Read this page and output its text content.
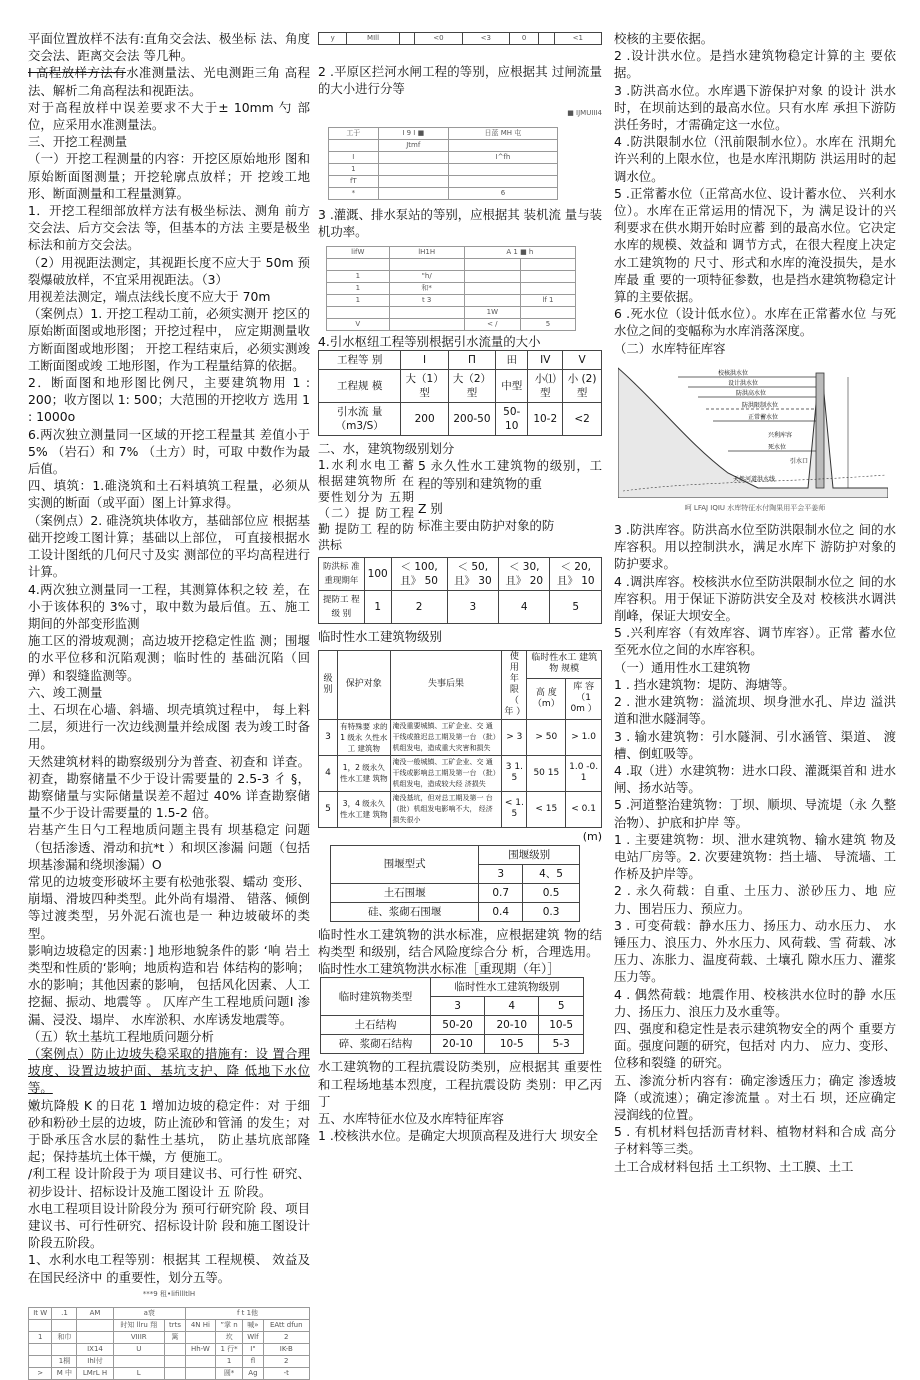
平面位置放样不法有:直角交会法、极坐标 法、角度交会法、距离交会法 等几种。

I 高程放样方法有水准测量法、光电测距三角 高程法、解析二角高程法和视距法。

对于高程放样中误差要求不大于± 10mm 勺 部位，应采用水准测量法。

三、开挖工程测量

（一）开挖工程测量的内容：开挖区原始地形 图和原始断面图测量；开挖轮廓点放样；开 挖竣工地形、断面测量和工程量测算。

1．开挖工程细部放样方法有极坐标法、测角 前方交会法、后方交会法 等，但基本的方法 主要是极坐标法和前方交会法。

（2）用视距法测定，其视距长度不应大于 50m 预裂爆破放样，不宜采用视距法。（3）

用视差法测定，端点法线长度不应大于 70m

（案例点）1. 开挖工程动工前，必须实测开 挖区的原始断面图或地形图；开挖过程中， 应定期测量收方断面图或地形图； 开挖工程结束后，必须实测竣工断面图或竣 工地形图，作为工程量结算的依据。

2．断面图和地形图比例尺，主要建筑物用 1 : 200；收方图以 1: 500；大范围的开挖收方 选用 1 : 1000o

6.两次独立测量同一区域的开挖工程量其 差值小于 5% （岩石）和 7% （土方）时，可取 中数作为最后值。

四、填筑：1.碓浇筑和土石料填筑工程量，必须从实测的断面（或平面）图上计算求得。

（案例点）2. 碓浇筑块体收方，基础部位应 根据基础开挖竣工图计算；基础以上部位， 可直接根据水工设计图纸的几何尺寸及实 测部位的平均高程进行计算。

4.两次独立测量同一工程，其测算体积之较 差，在小于该体积的 3%寸，取中数为最后值。五、施工期间的外部变形监测

施工区的滑坡观测；高边坡开挖稳定性监 测；围堰的水平位移和沉陷观测；临时性的 基础沉陷（回弹）和裂缝监测等。

六、竣工测量

土、石坝在心墙、斜墙、坝壳填筑过程中， 每上料二层，须进行一次边线测量并绘成图 表为竣工时备用。

天然建筑材料的勘察级别分为普查、初查和 详查。初查，勘察储量不少于设计需要量的 2.5-3 彳 §，勘察储量与实际储量误差不超过 40% 详查勘察储量不少于设计需要量的 1.5-2 倍。

岩基产生日勺工程地质问题主畏有 坝基稳定 问题（包括渗透、滑动和抗*t ）和坝区渗漏 问题（包括坝基渗漏和绕坝渗漏）O

常见的边坡变形破坏主要有松弛张裂、蠕动 变形、崩塌、滑坡四种类型。此外尚有塌滑、 错落、倾倒等过渡类型，另外泥石流也是一 种边坡破坏的类型。

影响边坡稳定的因素：] 地形地貌条件的影 ‘响 岩土类型和性质的‘影响；地质构造和岩 体结构的影响；水的影响；其他因素的影响， 包括风化因素、人工挖掘、振动、地震等 。 仄库产生工程地质问题I 渗漏、浸没、塌岸、 水库淤积、水库诱发地震等。

（五）软土基坑工程地质问题分析

（案例点）防止边坡失稳采取的措施有：设 置合理坡度、设置边坡护面、基坑支护、降 低地下水位等。

嫩坑降般 K 的日花 1 增加边坡的稳定件：对 于细砂和粉砂土层的边坡，防止流砂和管涌 的发生；对于卧承压含水层的黏性土基坑， 防止基坑底部隆起；保持基坑土体干燥，方 便施工。

/利工程 设计阶段于为 项目建议书、可行性 研究、初步设计、招标设计及施工图设计 五 阶段。

水电工程项目设计阶段分为 预可行研究阶 段、项目建议书、可行性研究、招标设计阶 段和施工图设计阶段五阶段。

1、水利水电工程等别：根据其 工程规模、 效益及在国民经济中 的重要性，划分五等。

***9 租•lifillltlH
It W	.1	AM	a衰		f t 1他			
			时知 llru 翔	trts	4N Hi	”掌 n	喊»	EAtt dfun
1	和巾		VIIIR	篱		坎	Wlf	2
		IX14	U		Hh-W	1 行*	I"	IK-B
	1桐	Ihl付				1	fl	2
>	M 中	LMrL H	L			圆*	Ag	-t
y	MIll		<0	<3	0		<1

2 .平原区拦河水闸工程的等别，应根据其 过闸流量的大小进行分等

■ IJMUIII4
工于	I 9 I ■	日蓝 MH 屯
	Jtmf	
I		I^fh
1		
fT		
*		6

3 .灌溉、排水泵站的等别，应根据其 装机流 量与装机功率。

lifW	lH1H	A 1 ■ h	

1	"h/		
1	和*		
1	t 3		lf 1
		1W	
V		< /	5

4.引水枢纽工程等别根据引水流量的大小

工程等 别	I	П	田	IV	V
工程规 模	大（1）型	大（2）型	中型	小⑴ 型	小 (2) 型
引水流 量（m3/S）	200	200-50	50-10	10-2	<2

二、水，建筑物级别划分

1.水利水电工蓄 根据建筑物所 在 要性划分为 五期 （二）提 防工程勤 提防工 程的防 洪标

5 永久性水工建筑物的级别，工程的等别和建筑物的重

Z 别

标准主要由防护对象的防

防洪标 准 重现期年	100	＜ 100, 且》 50	＜ 50, 且》 30	＜ 30, 且》 20	＜ 20, 且》 10
提防工 程级 别	1	2	3	4	5

临时性水工建筑物级别

级 别	保护对象	失事后果	使 用 年 限 （ 年 ）	临时性水工 建筑物 规模	
				高 度 （m）	库 容 （1 0m ）
3	有特殊要 求的 1 级永 久性水工 建筑物	淹没重要城镇、工矿企业、交 通干线或推迟总工期及第一台 （批）机组发电，造成重大灾害和损失	> 3	> 50	> 1.0
4	1，2 级永久 性水工建 筑物	淹没一般城镇、工矿企业、交 通干线或影响总工期及第一台 （批）机组发电，造成较大经 济损失	3 1. 5	50 15	1.0 -0. 1
5	3，4 级永久 性水工建 筑物	淹没基坑，但对总工期及第一 台（批）机组发电影响不大， 经济损失很小	< 1. 5	< 15	< 0.1
(m)
围堰型式	围堰级别	
	3	4、5
土石围堰	0.7	0.5
硅、浆砌石围堰	0.4	0.3

临时性水工建筑物的洪水标准，应根据建筑 物的结构类型 和级别，结合风险度综合分 析，合理选用。

临时性水工建筑物洪水标准［重现期（年）］

临时建筑物类型	临时性水工建筑物级别		
	3	4	5
土石结构	50-20	20-10	10-5
碎、浆砌石结构	20-10	10-5	5-3

水工建筑物的工程抗震设防类别，应根据其 重要性和工程场地基本烈度，工程抗震设防 类别：甲乙丙丁

五、水库特征水位及水库特征库容

1 .校核洪水位。是确定大坝顶高程及进行大 坝安全

校核的主要依据。

2 .设计洪水位。是挡水建筑物稳定计算的主 要依据。

3 .防洪高水位。水库遇下游保护对象 的设计 洪水时，在坝前达到的最高水位。只有水库 承担下游防洪任务时，才需确定这一水位。

4 .防洪限制水位（汛前限制水位）。水库在 汛期允许兴利的上限水位，也是水库汛期防 洪运用时的起调水位。

5 .正常蓄水位（正常高水位、设计蓄水位、 兴利水位）。水库在正常运用的情况下，为 满足设计的兴利要求在供水期开始时应蓄 到的最高水位。它决定水库的规模、效益和 调节方式，在很大程度上决定水工建筑物的 尺寸、形式和水库的淹没损失，是水库最 重 要的一项特征参数，也是挡水建筑物稳定计 算的主要依据。

6 .死水位（设计低水位）。水库在正常蓄水位 与死水位之间的变幅称为水库消落深度。

（二）水库特征库容

校核洪水位
设计洪水位
防洪高水位
防洪限制水位
正常蓄水位
兴利库容
死水位
引水口
天然河道洪水线
呵 LFAJ IQIU 水库特征水付陶果用平会平姜师

3 .防洪库容。防洪高水位至防洪限制水位之 间的水库容积。用以控制洪水，满足水库下 游防护对象的防护要求。

4 .调洪库容。校核洪水位至防洪限制水位之 间的水库容积。用于保证下游防洪安全及对 校核洪水调洪削峰，保证大坝安全。

5 .兴利库容（有效库容、调节库容）。正常 蓄水位至死水位之间的水库容积。

（一）通用性水工建筑物

1 . 挡水建筑物：堤防、海塘等。

2 . 泄水建筑物：溢流坝、坝身泄水孔、岸边 溢洪道和泄水隧洞等。

3 . 输水建筑物：引水隧洞、引水涵管、渠道、 渡槽、倒虹吸等。

4 .取（进）水建筑物：进水口段、灌溉渠首和 进水闸、扬水站等。

5 .河道整治建筑物：丁坝、顺坝、导流堤（永 久整治物）、护底和护岸 等。

1 . 主要建筑物：坝、泄水建筑物、输水建筑 物及电站厂房等。2. 次要建筑物：挡土墙、 导流墙、工作桥及护岸等。

2 . 永久荷载：自重、土压力、淤砂压力、地 应力、围岩压力、预应力。

3 . 可变荷载：静水压力、扬压力、动水压力、 水锤压力、浪压力、外水压力、风荷载、雪 荷载、冰压力、冻胀力、温度荷载、土壤孔 隙水压力、灌浆压力等。

4 . 偶然荷载：地震作用、校核洪水位时的静 水压力、扬压力、浪压力及水重等。

四、强度和稳定性是表示建筑物安全的两个 重要方面。强度问题的研究，包括对 内力、 应力、变形、位移和裂缝 的研究。

五、渗流分析内容有：确定渗透压力；确定 渗透坡降（或流速）；确定渗流量 。对土石 坝，还应确定浸润线的位置。

5 . 有机材料包括沥青材料、植物材料和合成 高分子材料等三类。

土工合成材料包括 土工织物、土工膜、土工
